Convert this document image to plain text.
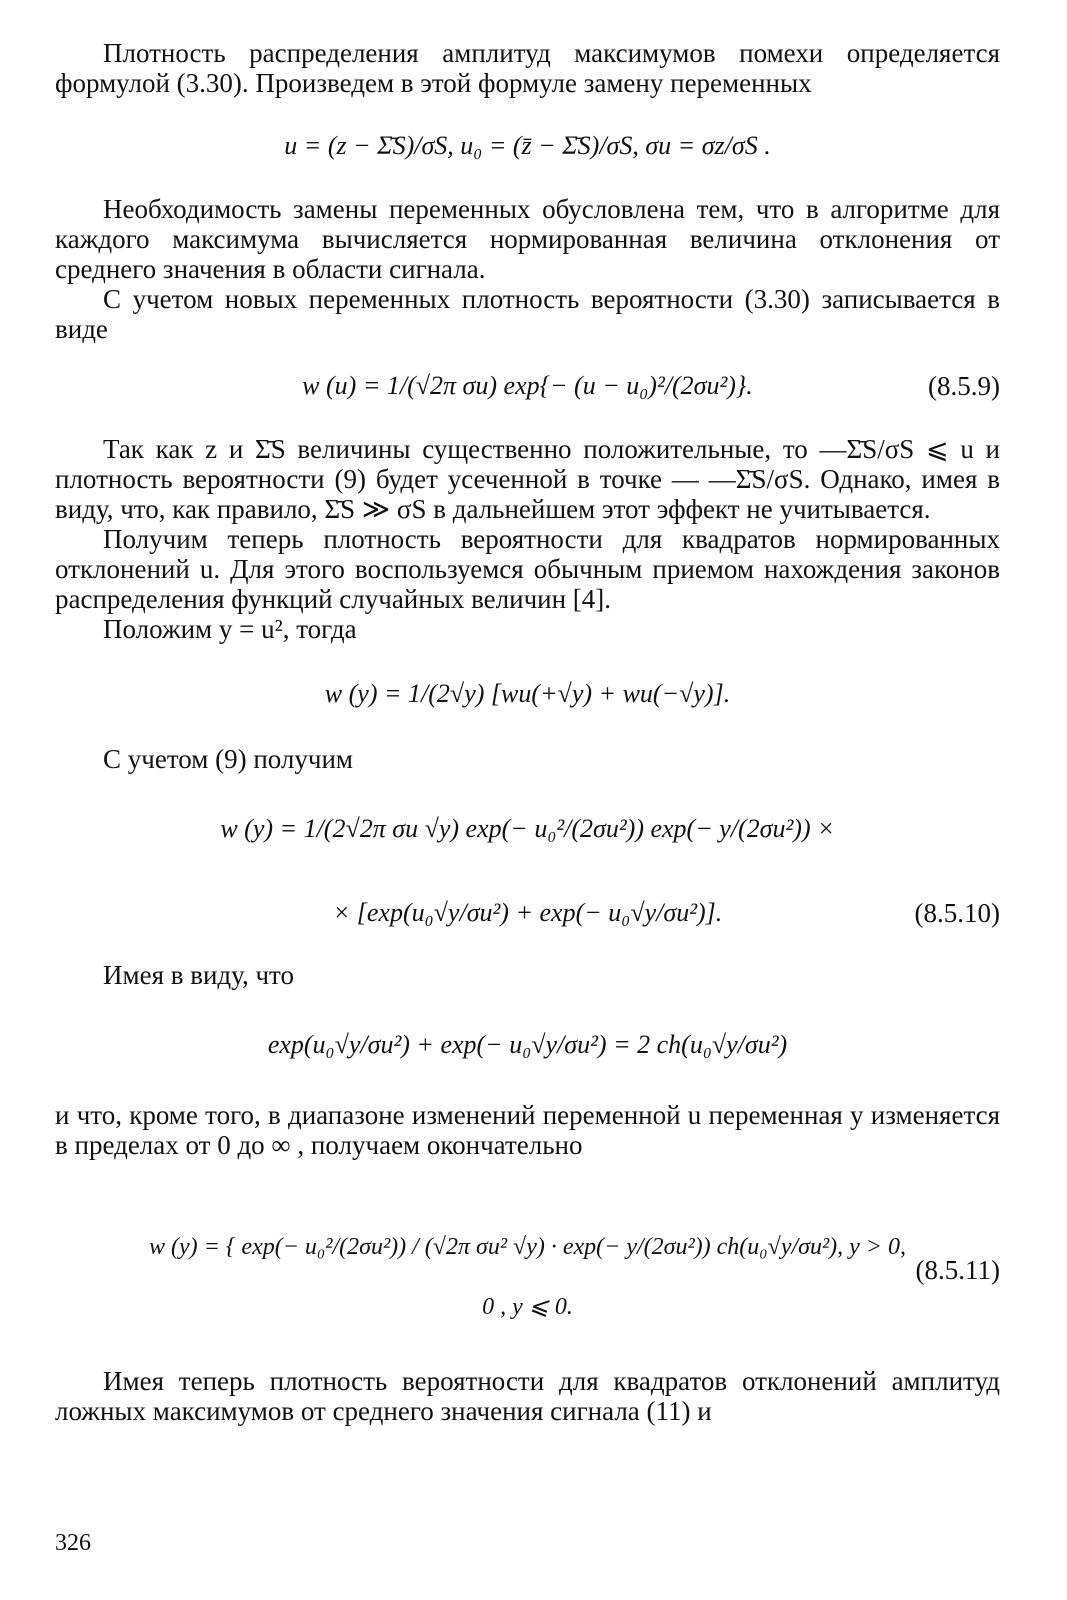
Плотность распределения амплитуд максимумов помехи определяется формулой (3.30). Произведем в этой формуле замену переменных

u = (z − Σ̄S)/σS, u₀ = (z̄ − Σ̄S)/σS, σu = σz/σS .

Необходимость замены переменных обусловлена тем, что в алгоритме для каждого максимума вычисляется нормированная величина отклонения от среднего значения в области сигнала.

С учетом новых переменных плотность вероятности (3.30) записывается в виде

w (u) = 1/(√2π σu) exp{− (u − u₀)²/(2σu²)}.	(8.5.9)

Так как z и Σ̄S величины существенно положительные, то —Σ̄S/σS ⩽ u и плотность вероятности (9) будет усеченной в точке — —Σ̄S/σS. Однако, имея в виду, что, как правило, Σ̄S ≫ σS в дальнейшем этот эффект не учитывается.

Получим теперь плотность вероятности для квадратов нормированных отклонений u. Для этого воспользуемся обычным приемом нахождения законов распределения функций случайных величин [4].

Положим y = u², тогда

w (y) = 1/(2√y) [wu(+√y) + wu(−√y)].

С учетом (9) получим

w (y) = 1/(2√2π σu √y) exp(− u₀²/(2σu²)) exp(− y/(2σu²)) ×
× [exp(u₀√y/σu²) + exp(− u₀√y/σu²)].	(8.5.10)

Имея в виду, что

exp(u₀√y/σu²) + exp(− u₀√y/σu²) = 2 ch(u₀√y/σu²)

и что, кроме того, в диапазоне изменений переменной u переменная y изменяется в пределах от 0 до ∞ , получаем окончательно

w (y) = { exp(− u₀²/(2σu²)) / (√2π σu² √y) · exp(− y/(2σu²)) ch(u₀√y/σu²), y > 0,
0 , y ⩽ 0.
(8.5.11)

Имея теперь плотность вероятности для квадратов отклонений амплитуд ложных максимумов от среднего значения сигнала (11) и

326
